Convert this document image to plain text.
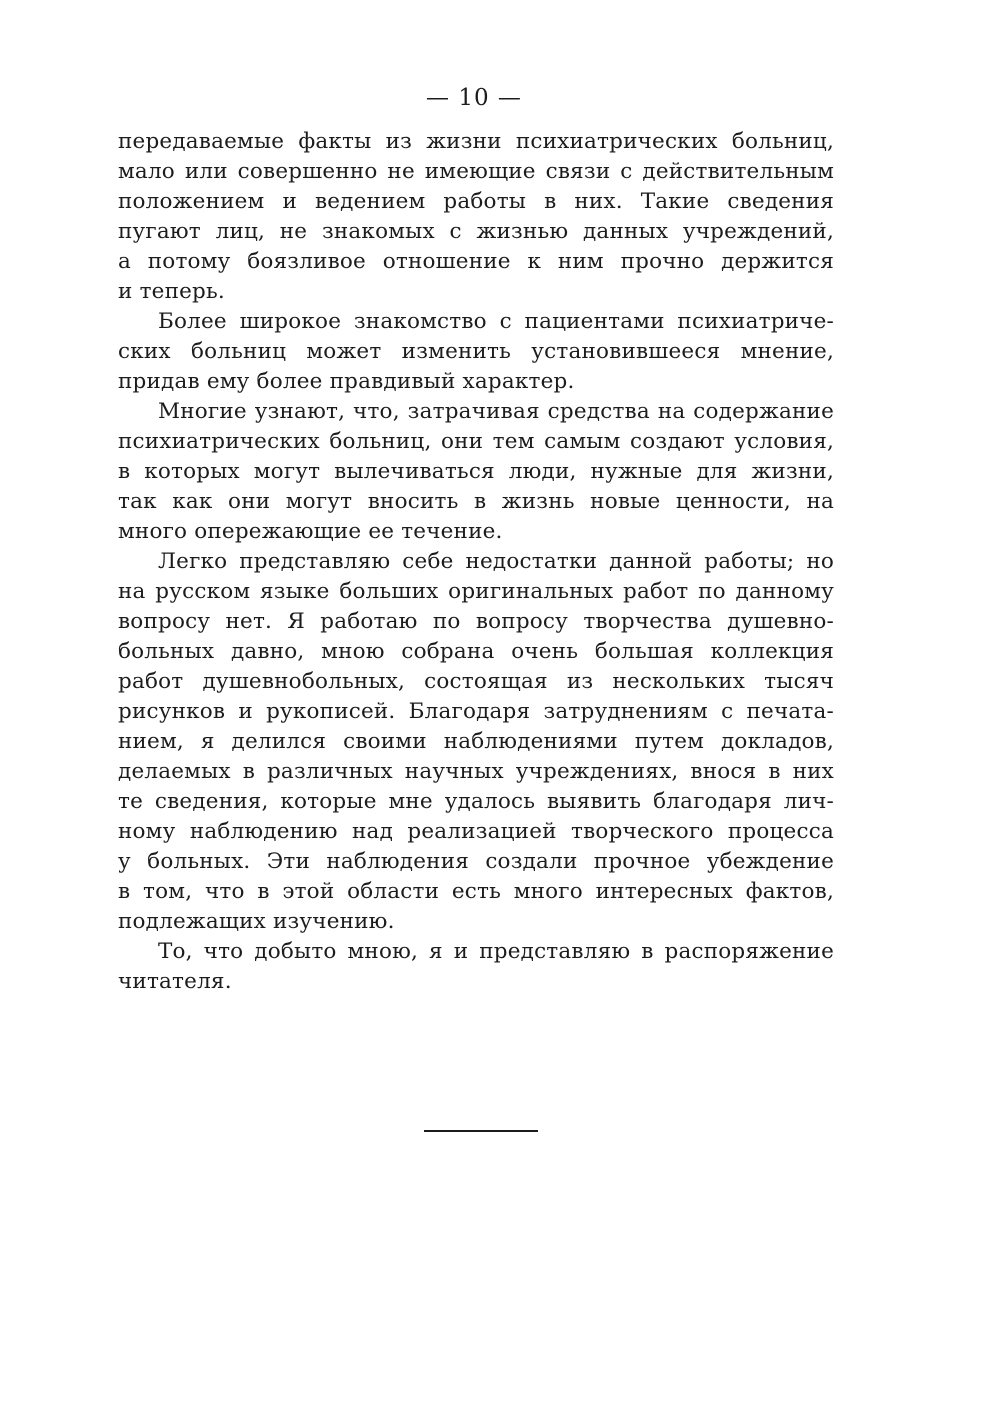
— 10 —
передаваемые факты из жизни психиатрических больниц,
мало или совершенно не имеющие связи с действительным
положением и ведением работы в них. Такие сведения
пугают лиц, не знакомых с жизнью данных учреждений,
а потому боязливое отношение к ним прочно держится
и теперь.
Более широкое знакомство с пациентами психиатриче-
ских больниц может изменить установившееся мнение,
придав ему более правдивый характер.
Многие узнают, что, затрачивая средства на содержание
психиатрических больниц, они тем самым создают условия,
в которых могут вылечиваться люди, нужные для жизни,
так как они могут вносить в жизнь новые ценности, на
много опережающие ее течение.
Легко представляю себе недостатки данной работы; но
на русском языке больших оригинальных работ по данному
вопросу нет. Я работаю по вопросу творчества душевно-
больных давно, мною собрана очень большая коллекция
работ душевнобольных, состоящая из нескольких тысяч
рисунков и рукописей. Благодаря затруднениям с печата-
нием, я делился своими наблюдениями путем докладов,
делаемых в различных научных учреждениях, внося в них
те сведения, которые мне удалось выявить благодаря лич-
ному наблюдению над реализацией творческого процесса
у больных. Эти наблюдения создали прочное убеждение
в том, что в этой области есть много интересных фактов,
подлежащих изучению.
То, что добыто мною, я и представляю в распоряжение
читателя.
